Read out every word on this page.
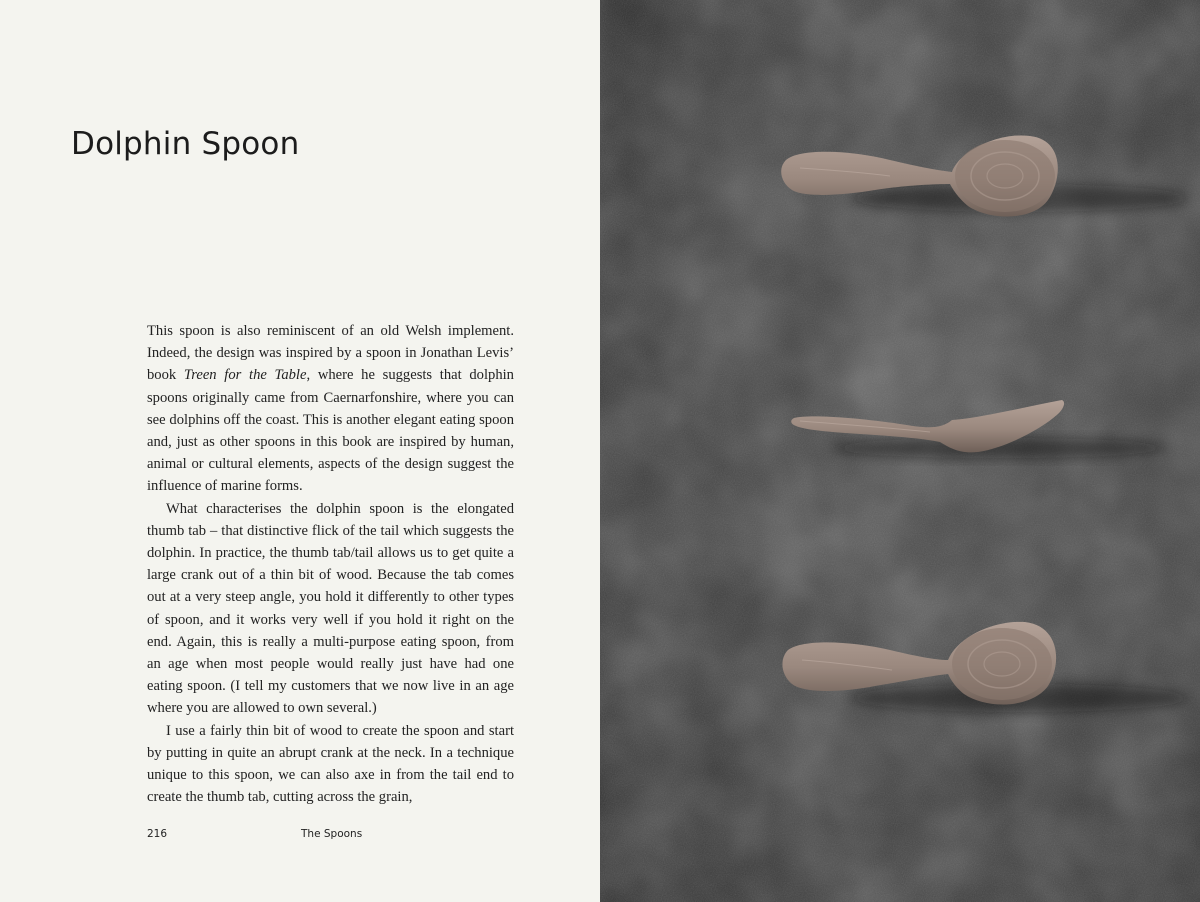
Dolphin Spoon

This spoon is also reminiscent of an old Welsh implement. Indeed, the design was inspired by a spoon in Jonathan Levis’ book Treen for the Table, where he suggests that dolphin spoons originally came from Caernarfonshire, where you can see dolphins off the coast. This is another elegant eating spoon and, just as other spoons in this book are inspired by human, animal or cultural elements, aspects of the design suggest the influence of marine forms.

What characterises the dolphin spoon is the elongated thumb tab – that distinctive flick of the tail which suggests the dolphin. In practice, the thumb tab/tail allows us to get quite a large crank out of a thin bit of wood. Because the tab comes out at a very steep angle, you hold it differently to other types of spoon, and it works very well if you hold it right on the end. Again, this is really a multi-purpose eating spoon, from an age when most people would really just have had one eating spoon. (I tell my customers that we now live in an age where you are allowed to own several.)

I use a fairly thin bit of wood to create the spoon and start by putting in quite an abrupt crank at the neck. In a technique unique to this spoon, we can also axe in from the tail end to create the thumb tab, cutting across the grain,

216	The Spoons
